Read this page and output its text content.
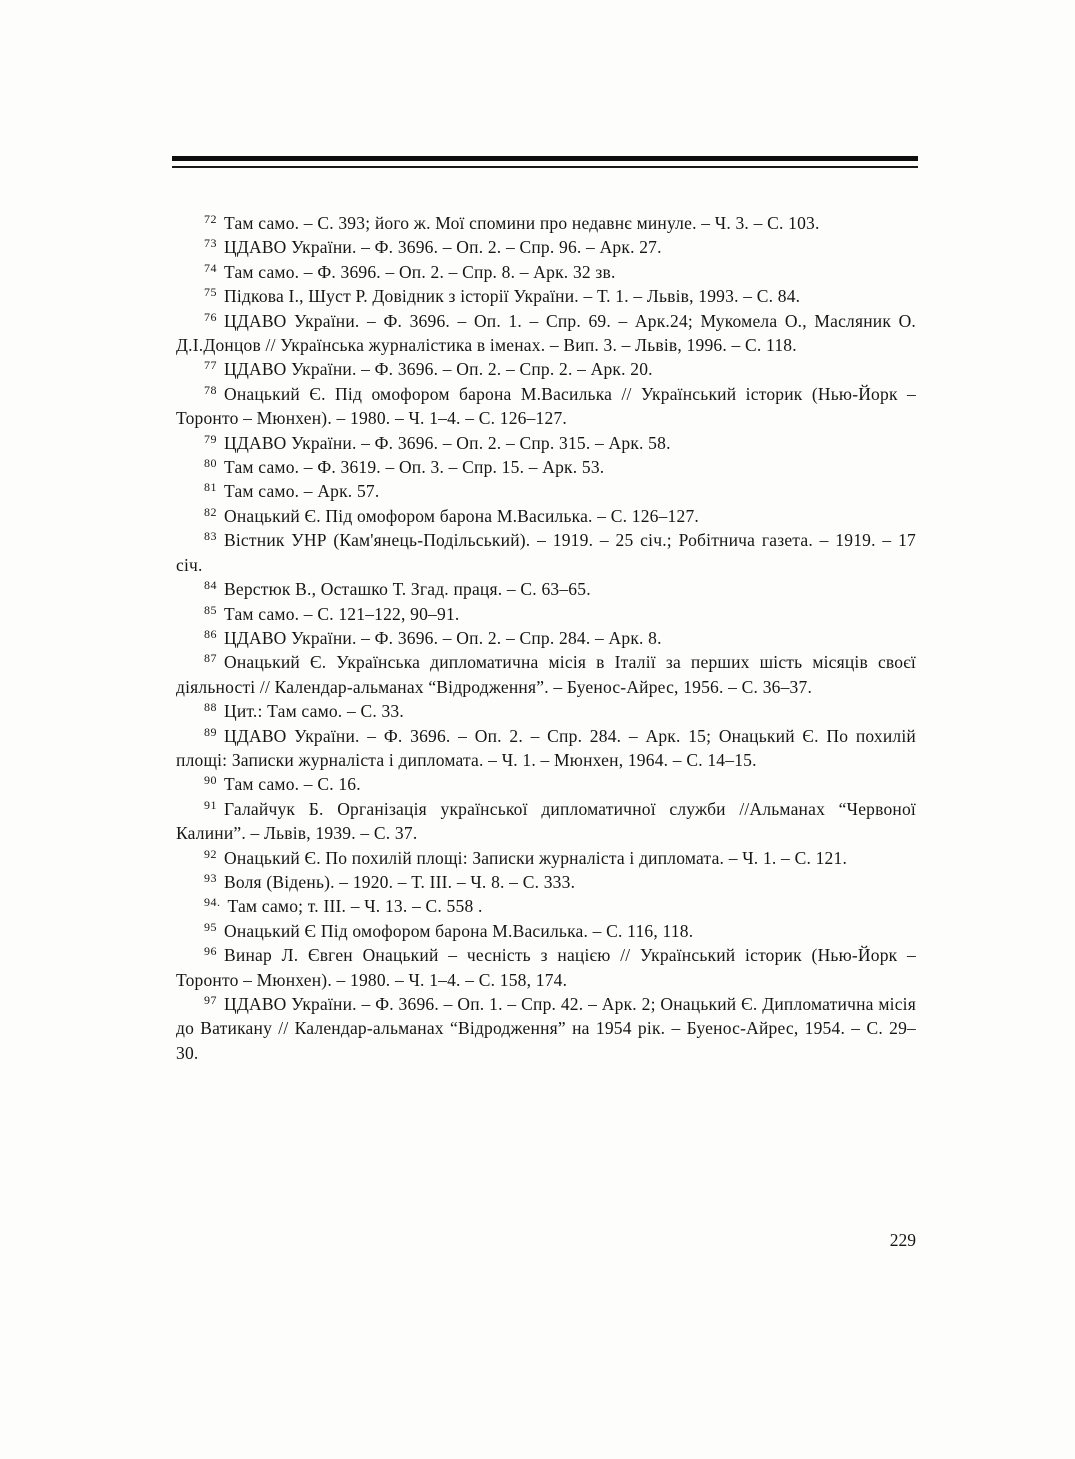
$^{72}$ Там само. – С. 393; його ж. Мої спомини про недавнє минуле. – Ч. 3. – С. 103.

$^{73}$ ЦДАВО України. – Ф. 3696. – Оп. 2. – Спр. 96. – Арк. 27.

$^{74}$ Там само. – Ф. 3696. – Оп. 2. – Спр. 8. – Арк. 32 зв.

$^{75}$ Підкова І., Шуст Р. Довідник з історії України. – Т. 1. – Львів, 1993. – С. 84.

$^{76}$ ЦДАВО України. – Ф. 3696. – Оп. 1. – Спр. 69. – Арк.24; Мукомела О., Масляник О. Д.І.Донцов // Українська журналістика в іменах. – Вип. 3. – Львів, 1996. – С. 118.

$^{77}$ ЦДАВО України. – Ф. 3696. – Оп. 2. – Спр. 2. – Арк. 20.

$^{78}$ Онацький Є. Під омофором барона М.Василька // Український історик (Нью-Йорк – Торонто – Мюнхен). – 1980. – Ч. 1–4. – С. 126–127.

$^{79}$ ЦДАВО України. – Ф. 3696. – Оп. 2. – Спр. 315. – Арк. 58.

$^{80}$ Там само. – Ф. 3619. – Оп. 3. – Спр. 15. – Арк. 53.

$^{81}$ Там само. – Арк. 57.

$^{82}$ Онацький Є. Під омофором барона М.Василька. – С. 126–127.

$^{83}$ Вістник УНР (Кам'янець-Подільський). – 1919. – 25 січ.; Робітнича газета. – 1919. – 17 січ.

$^{84}$ Верстюк В., Осташко Т. Згад. праця. – С. 63–65.

$^{85}$ Там само. – С. 121–122, 90–91.

$^{86}$ ЦДАВО України. – Ф. 3696. – Оп. 2. – Спр. 284. – Арк. 8.

$^{87}$ Онацький Є. Українська дипломатична місія в Італії за перших шість місяців своєї діяльності // Календар-альманах “Відродження”. – Буенос-Айрес, 1956. – С. 36–37.

$^{88}$ Цит.: Там само. – С. 33.

$^{89}$ ЦДАВО України. – Ф. 3696. – Оп. 2. – Спр. 284. – Арк. 15; Онацький Є. По похилій площі: Записки журналіста і дипломата. – Ч. 1. – Мюнхен, 1964. – С. 14–15.

$^{90}$ Там само. – С. 16.

$^{91}$ Галайчук Б. Організація української дипломатичної служби //Альманах “Червоної Калини”. – Львів, 1939. – С. 37.

$^{92}$ Онацький Є. По похилій площі: Записки журналіста і дипломата. – Ч. 1. – С. 121.

$^{93}$ Воля (Відень). – 1920. – Т. III. – Ч. 8. – С. 333.

$^{94.}$ Там само; т. III. – Ч. 13. – С. 558 .

$^{95}$ Онацький Є Під омофором барона М.Василька. – С. 116, 118.

$^{96}$ Винар Л. Євген Онацький – чесність з нацією // Український історик (Нью-Йорк – Торонто – Мюнхен). – 1980. – Ч. 1–4. – С. 158, 174.

$^{97}$ ЦДАВО України. – Ф. 3696. – Оп. 1. – Спр. 42. – Арк. 2; Онацький Є. Дипломатична місія до Ватикану // Календар-альманах “Відродження” на 1954 рік. – Буенос-Айрес, 1954. – С. 29–30.

229
